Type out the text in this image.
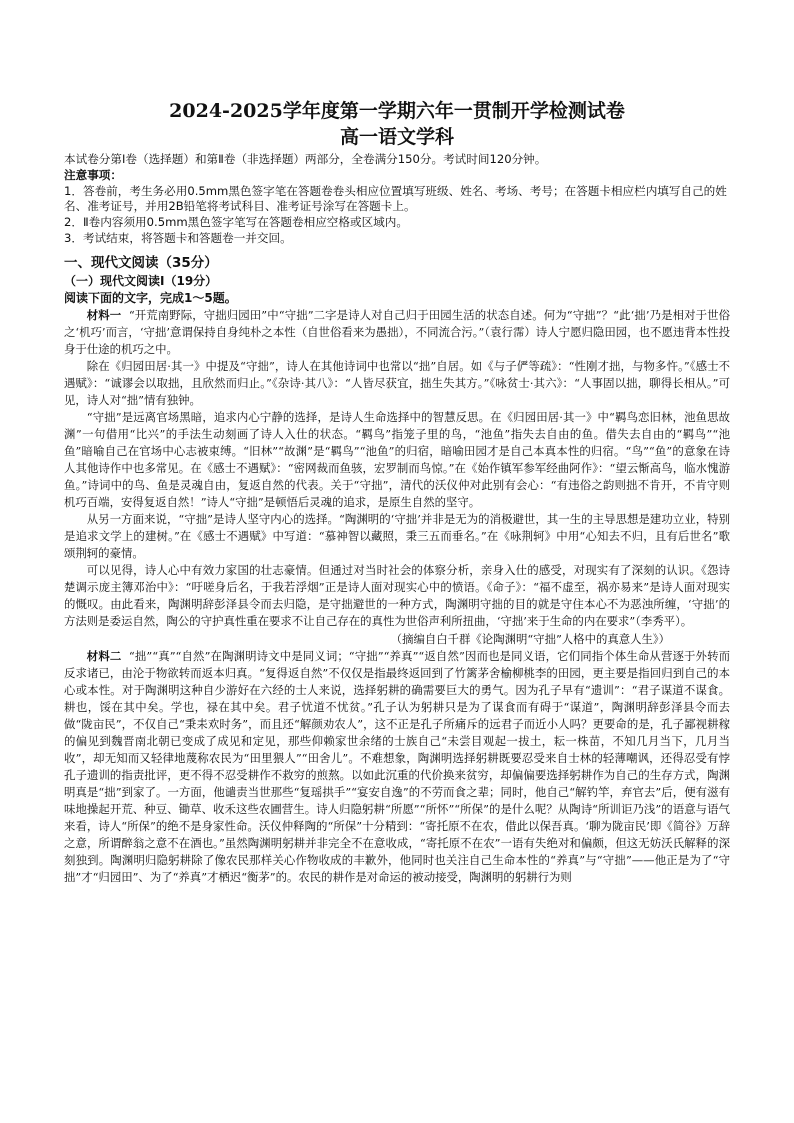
2024-2025学年度第一学期六年一贯制开学检测试卷
高一语文学科

本试卷分第Ⅰ卷（选择题）和第Ⅱ卷（非选择题）两部分，全卷满分150分。考试时间120分钟。

注意事项：

1．答卷前，考生务必用0.5mm黑色签字笔在答题卷卷头相应位置填写班级、姓名、考场、考号；在答题卡相应栏内填写自己的姓名、准考证号，并用2B铅笔将考试科目、准考证号涂写在答题卡上。

2．Ⅱ卷内容须用0.5mm黑色签字笔写在答题卷相应空格或区域内。

3．考试结束，将答题卡和答题卷一并交回。

一、现代文阅读（35分）
（一）现代文阅读Ⅰ（19分）
阅读下面的文字，完成1～5题。

材料一 “开荒南野际，守拙归园田”中“守拙”二字是诗人对自己归于田园生活的状态自述。何为“守拙”？“此‘拙’乃是相对于世俗之‘机巧’而言，‘守拙’意谓保持自身纯朴之本性（自世俗看来为愚拙），不同流合污。”（袁行霈）诗人宁愿归隐田园，也不愿违背本性投身于仕途的机巧之中。

除在《归园田居·其一》中提及“守拙”，诗人在其他诗词中也常以“拙”自居。如《与子俨等疏》：“性刚才拙，与物多忤。”《感士不遇赋》：“诚谬会以取拙，且欣然而归止。”《杂诗·其八》：“人皆尽获宜，拙生失其方。”《咏贫士·其六》：“人事固以拙，聊得长相从。”可见，诗人对“拙”情有独钟。

“守拙”是远离官场黑暗，追求内心宁静的选择，是诗人生命选择中的智慧反思。在《归园田居·其一》中“羁鸟恋旧林，池鱼思故渊”一句借用“比兴”的手法生动刻画了诗人入仕的状态。“羁鸟”指笼子里的鸟，“池鱼”指失去自由的鱼。借失去自由的“羁鸟”“池鱼”暗喻自己在官场中心志被束缚。“旧林”“故渊”是“羁鸟”“池鱼”的归宿，暗喻田园才是自己本真本性的归宿。“鸟”“鱼”的意象在诗人其他诗作中也多常见。在《感士不遇赋》：“密网裁而鱼骇，宏罗制而鸟惊。”在《始作镇军参军经曲阿作》：“望云惭高鸟，临水愧游鱼。”诗词中的鸟、鱼是灵魂自由，复返自然的代表。关于“守拙”，清代的沃仪仲对此别有会心：“有违俗之韵则拙不肯开，不肯守则机巧百端，安得复返自然！”诗人“守拙”是顿悟后灵魂的追求，是原生自然的坚守。

从另一方面来说，“守拙”是诗人坚守内心的选择。“陶渊明的‘守拙’并非是无为的消极避世，其一生的主导思想是建功立业，特别是追求文学上的建树。”在《感士不遇赋》中写道：“慕神智以藏照，秉三五而垂名。”在《咏荆轲》中用“心知去不归，且有后世名”歌颂荆轲的豪情。

可以见得，诗人心中有效力家国的壮志豪情。但通过对当时社会的体察分析，亲身入仕的感受，对现实有了深刻的认识。《怨诗楚调示庞主簿邓治中》：“吁嗟身后名，于我若浮烟”正是诗人面对现实心中的愤语。《命子》：“福不虚至，祸亦易来”是诗人面对现实的慨叹。由此看来，陶渊明辞彭泽县令而去归隐，是守拙避世的一种方式，陶渊明守拙的目的就是守住本心不为恶浊所缠，‘守拙’的方法则是委运自然，陶公的守护真性重在要求不让自己存在的真性为世俗声利所扭曲，‘守拙’来于生命的内在要求”（李秀平）。

（摘编自白千群《论陶渊明“守拙”人格中的真意人生》）

材料二 “拙”“真”“自然”在陶渊明诗文中是同义词；“守拙”“养真”“返自然”因而也是同义语，它们同指个体生命从营逐于外转而反求诸已，由沦于物欲转而返本归真。“复得返自然”不仅仅是指最终返回到了竹篱茅舍榆柳桃李的田园，更主要是指回归到自己的本心或本性。对于陶渊明这种自少游好在六经的士人来说，选择躬耕的确需要巨大的勇气。因为孔子早有“遗训”：“君子谋道不谋食。耕也，馁在其中矣。学也，禄在其中矣。君子忧道不忧贫。”孔子认为躬耕只是为了谋食而有碍于“谋道”，陶渊明辞彭泽县令而去做“陇亩民”，不仅自己“秉耒欢时务”，而且还“解颜劝农人”，这不正是孔子所痛斥的远君子而近小人吗？更要命的是，孔子鄙视耕稼的偏见到魏晋南北朝已变成了成见和定见，那些仰赖家世余绪的士族自己“未尝目观起一拔土，耘一株苗，不知几月当下，几月当收”，却无知而又轻律地蔑称农民为“田里猥人”“田舍儿”。不难想象，陶渊明选择躬耕既要忍受来自士林的轻薄嘲讽，还得忍受有悖孔子遗训的指责批评，更不得不忍受耕作不救穷的煎熬。以如此沉重的代价换来贫穷，却偏偏要选择躬耕作为自己的生存方式，陶渊明真是“拙”到家了。一方面，他谴责当世那些“复瑶拱手”“宴安自逸”的不劳而食之辈；同时，他自己“解钓竿，弃官去”后，便有滋有味地操起开荒、种豆、锄草、收禾这些农圃营生。诗人归隐躬耕“所愿”“所怀”“所保”的是什么呢？从陶诗“所训讵乃浅”的语意与语气来看，诗人“所保”的绝不是身家性命。沃仪仲释陶的“所保”十分精到：“寄托原不在农，借此以保吾真。‘聊为陇亩民’即《简谷》万辞之意，所谓醉翁之意不在酒也。”虽然陶渊明躬耕并非完全不在意收成，“寄托原不在农”一语有失绝对和偏颇，但这无妨沃氏解释的深刻独到。陶渊明归隐躬耕除了像农民那样关心作物收成的丰歉外，他同时也关注自己生命本性的“养真”与“守拙”——他正是为了“守拙”才“归园田”、为了“养真”才栖迟“衡茅”的。农民的耕作是对命运的被动接受，陶渊明的躬耕行为则
